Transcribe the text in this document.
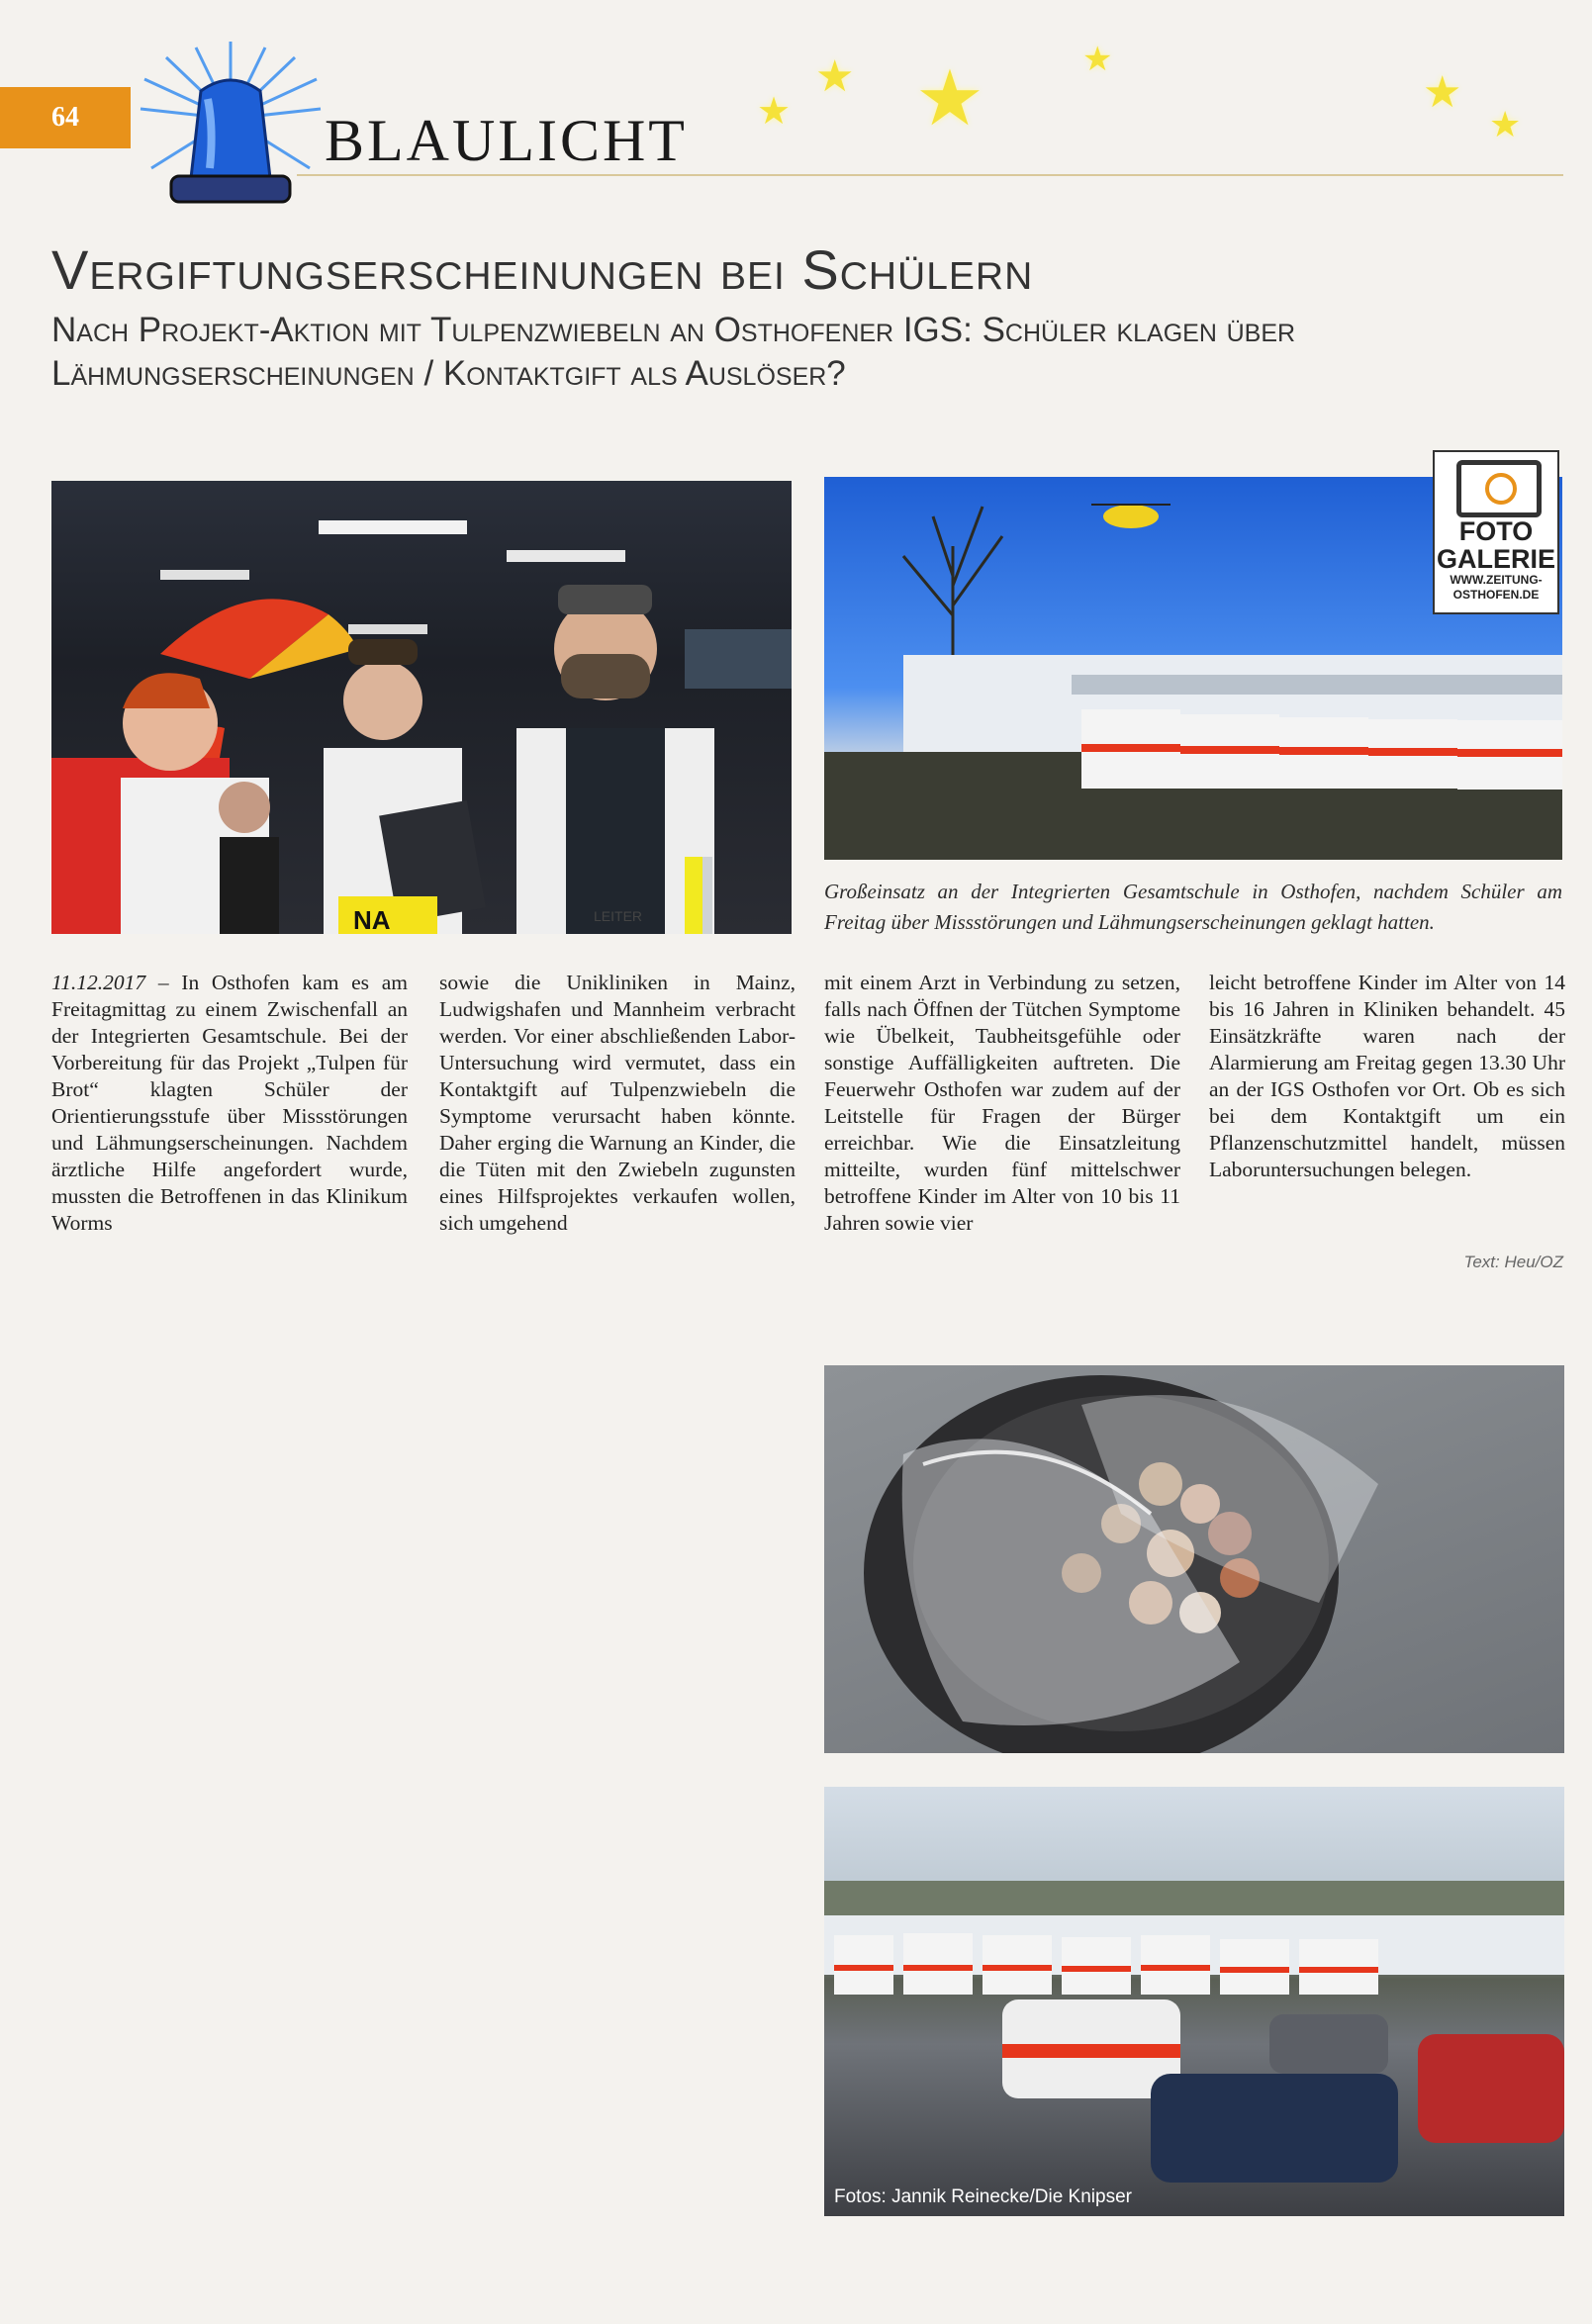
64	BLAULICHT ★
★ ★	★
★
★
Vergiftungserscheinungen bei Schülern
Nach Projekt-Aktion mit Tulpenzwiebeln an Osthofener IGS: Schüler klagen über Lähmungserscheinungen / Kontaktgift als Auslöser?
NA	LEITER
FOTO GALERIE
WWW.ZEITUNG-OSTHOFEN.DE
Großeinsatz an der Integrierten Gesamtschule in Osthofen, nachdem Schüler am Freitag über Missstörungen und Lähmungserscheinungen geklagt hatten.
11.12.2017 – In Osthofen kam es am Freitagmittag zu einem Zwischenfall an der Integrierten Gesamtschule. Bei der Vorbereitung für das Projekt „Tulpen für Brot“ klagten Schüler der Orientierungsstufe über Missstörungen und Lähmungserscheinungen. Nachdem ärztliche Hilfe angefordert wurde, mussten die Betroffenen in das Klinikum Worms
sowie die Unikliniken in Mainz, Ludwigshafen und Mannheim verbracht werden. Vor einer abschließenden Labor-Untersuchung wird vermutet, dass ein Kontaktgift auf Tulpenzwiebeln die Symptome verursacht haben könnte. Daher erging die Warnung an Kinder, die die Tüten mit den Zwiebeln zugunsten eines Hilfsprojektes verkaufen wollen, sich umgehend
mit einem Arzt in Verbindung zu setzen, falls nach Öffnen der Tütchen Symptome wie Übelkeit, Taubheitsgefühle oder sonstige Auffälligkeiten auftreten. Die Feuerwehr Osthofen war zudem auf der Leitstelle für Fragen der Bürger erreichbar. Wie die Einsatzleitung mitteilte, wurden fünf mittelschwer betroffene Kinder im Alter von 10 bis 11 Jahren sowie vier
leicht betroffene Kinder im Alter von 14 bis 16 Jahren in Kliniken behandelt. 45 Einsätzkräfte waren nach der Alarmierung am Freitag gegen 13.30 Uhr an der IGS Osthofen vor Ort. Ob es sich bei dem Kontaktgift um ein Pflanzenschutzmittel handelt, müssen Laboruntersuchungen belegen.
Text: Heu/OZ
Fotos: Jannik Reinecke/Die Knipser
